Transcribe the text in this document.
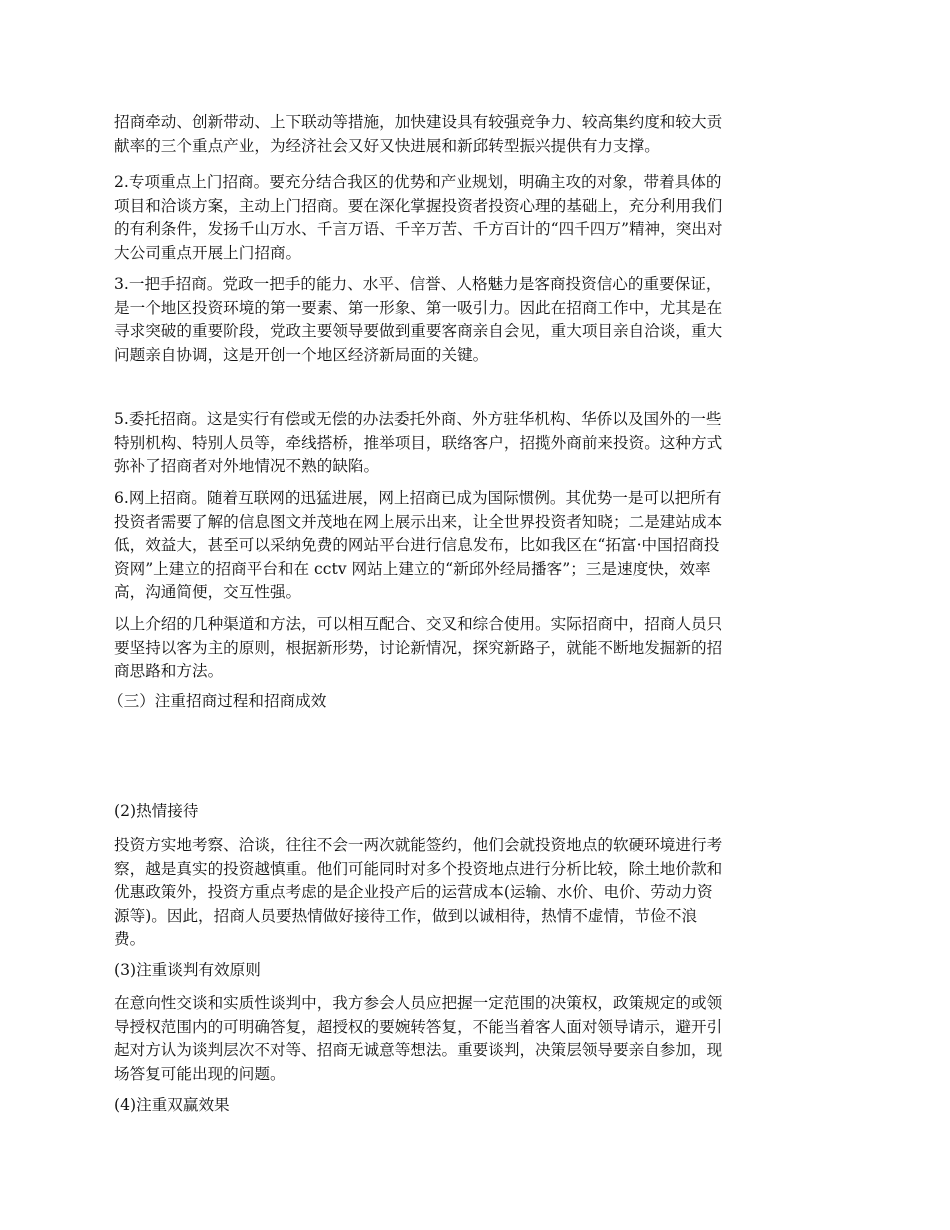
招商牵动、创新带动、上下联动等措施，加快建设具有较强竞争力、较高集约度和较大贡
献率的三个重点产业，为经济社会又好又快进展和新邱转型振兴提供有力支撑。

2.专项重点上门招商。要充分结合我区的优势和产业规划，明确主攻的对象，带着具体的
项目和洽谈方案，主动上门招商。要在深化掌握投资者投资心理的基础上，充分利用我们
的有利条件，发扬千山万水、千言万语、千辛万苦、千方百计的“四千四万”精神，突出对
大公司重点开展上门招商。

3.一把手招商。党政一把手的能力、水平、信誉、人格魅力是客商投资信心的重要保证，
是一个地区投资环境的第一要素、第一形象、第一吸引力。因此在招商工作中，尤其是在
寻求突破的重要阶段，党政主要领导要做到重要客商亲自会见，重大项目亲自洽谈，重大
问题亲自协调，这是开创一个地区经济新局面的关键。

5.委托招商。这是实行有偿或无偿的办法委托外商、外方驻华机构、华侨以及国外的一些
特别机构、特别人员等，牵线搭桥，推举项目，联络客户，招揽外商前来投资。这种方式
弥补了招商者对外地情况不熟的缺陷。

6.网上招商。随着互联网的迅猛进展，网上招商已成为国际惯例。其优势一是可以把所有
投资者需要了解的信息图文并茂地在网上展示出来，让全世界投资者知晓；二是建站成本
低，效益大，甚至可以采纳免费的网站平台进行信息发布，比如我区在“拓富·中国招商投
资网”上建立的招商平台和在 cctv 网站上建立的“新邱外经局播客”；三是速度快，效率
高，沟通简便，交互性强。

以上介绍的几种渠道和方法，可以相互配合、交叉和综合使用。实际招商中，招商人员只
要坚持以客为主的原则，根据新形势，讨论新情况，探究新路子，就能不断地发掘新的招
商思路和方法。

（三）注重招商过程和招商成效

(2)热情接待

投资方实地考察、洽谈，往往不会一两次就能签约，他们会就投资地点的软硬环境进行考
察，越是真实的投资越慎重。他们可能同时对多个投资地点进行分析比较，除土地价款和
优惠政策外，投资方重点考虑的是企业投产后的运营成本(运输、水价、电价、劳动力资
源等)。因此，招商人员要热情做好接待工作，做到以诚相待，热情不虚情，节俭不浪
费。

(3)注重谈判有效原则

在意向性交谈和实质性谈判中，我方参会人员应把握一定范围的决策权，政策规定的或领
导授权范围内的可明确答复，超授权的要婉转答复，不能当着客人面对领导请示，避开引
起对方认为谈判层次不对等、招商无诚意等想法。重要谈判，决策层领导要亲自参加，现
场答复可能出现的问题。

(4)注重双赢效果
